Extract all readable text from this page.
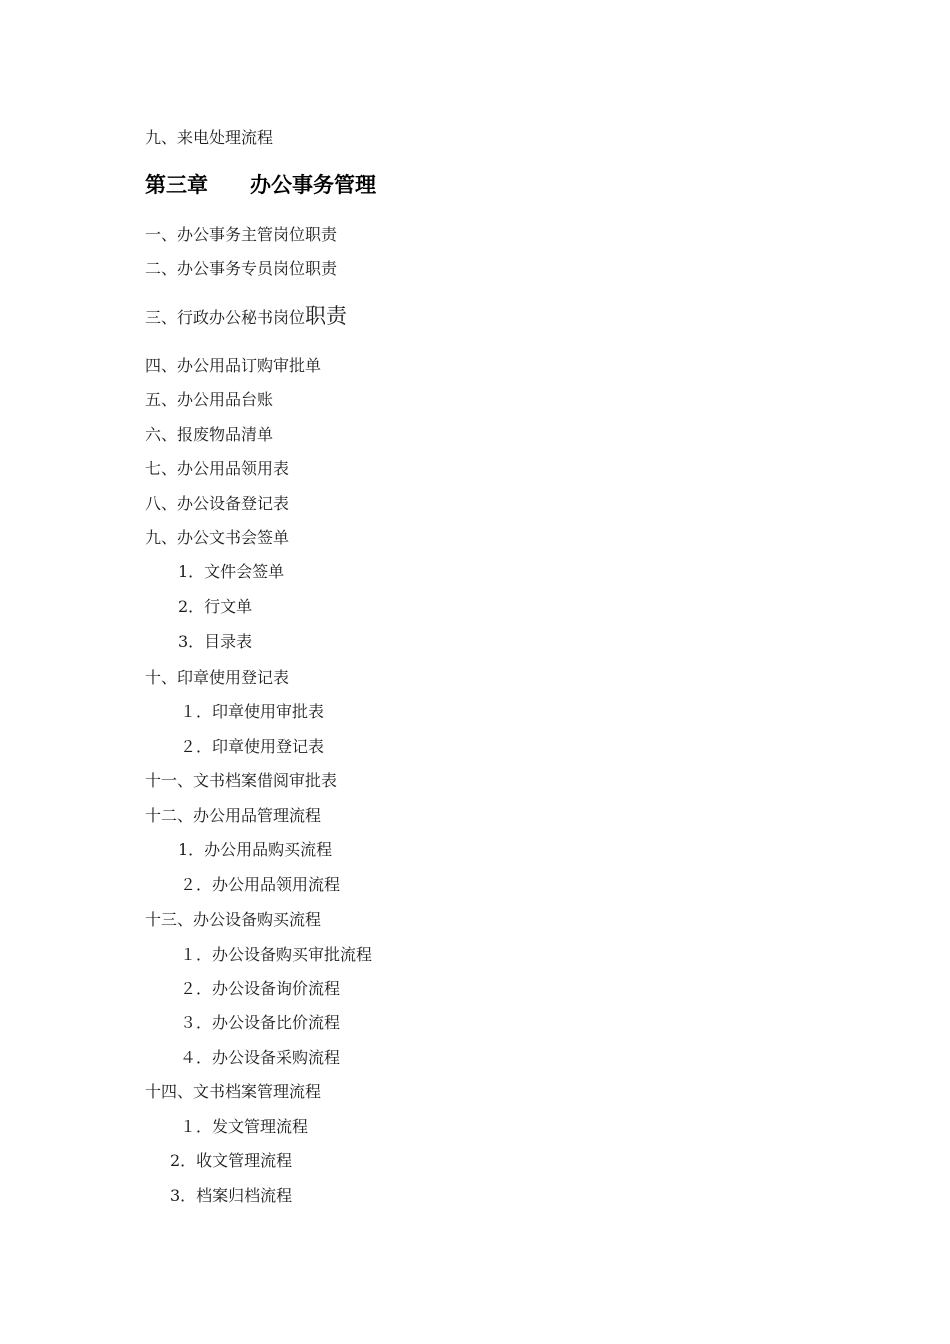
九、来电处理流程
第三章　　办公事务管理
一、办公事务主管岗位职责
二、办公事务专员岗位职责
三、行政办公秘书岗位职责
四、办公用品订购审批单
五、办公用品台账
六、报废物品清单
七、办公用品领用表
八、办公设备登记表
九、办公文书会签单
1．文件会签单
2．行文单
3．目录表
十、印章使用登记表
１．印章使用审批表
２．印章使用登记表
十一、文书档案借阅审批表
十二、办公用品管理流程
1．办公用品购买流程
２．办公用品领用流程
十三、办公设备购买流程
１．办公设备购买审批流程
２．办公设备询价流程
３．办公设备比价流程
４．办公设备采购流程
十四、文书档案管理流程
１．发文管理流程
2．收文管理流程
3．档案归档流程
